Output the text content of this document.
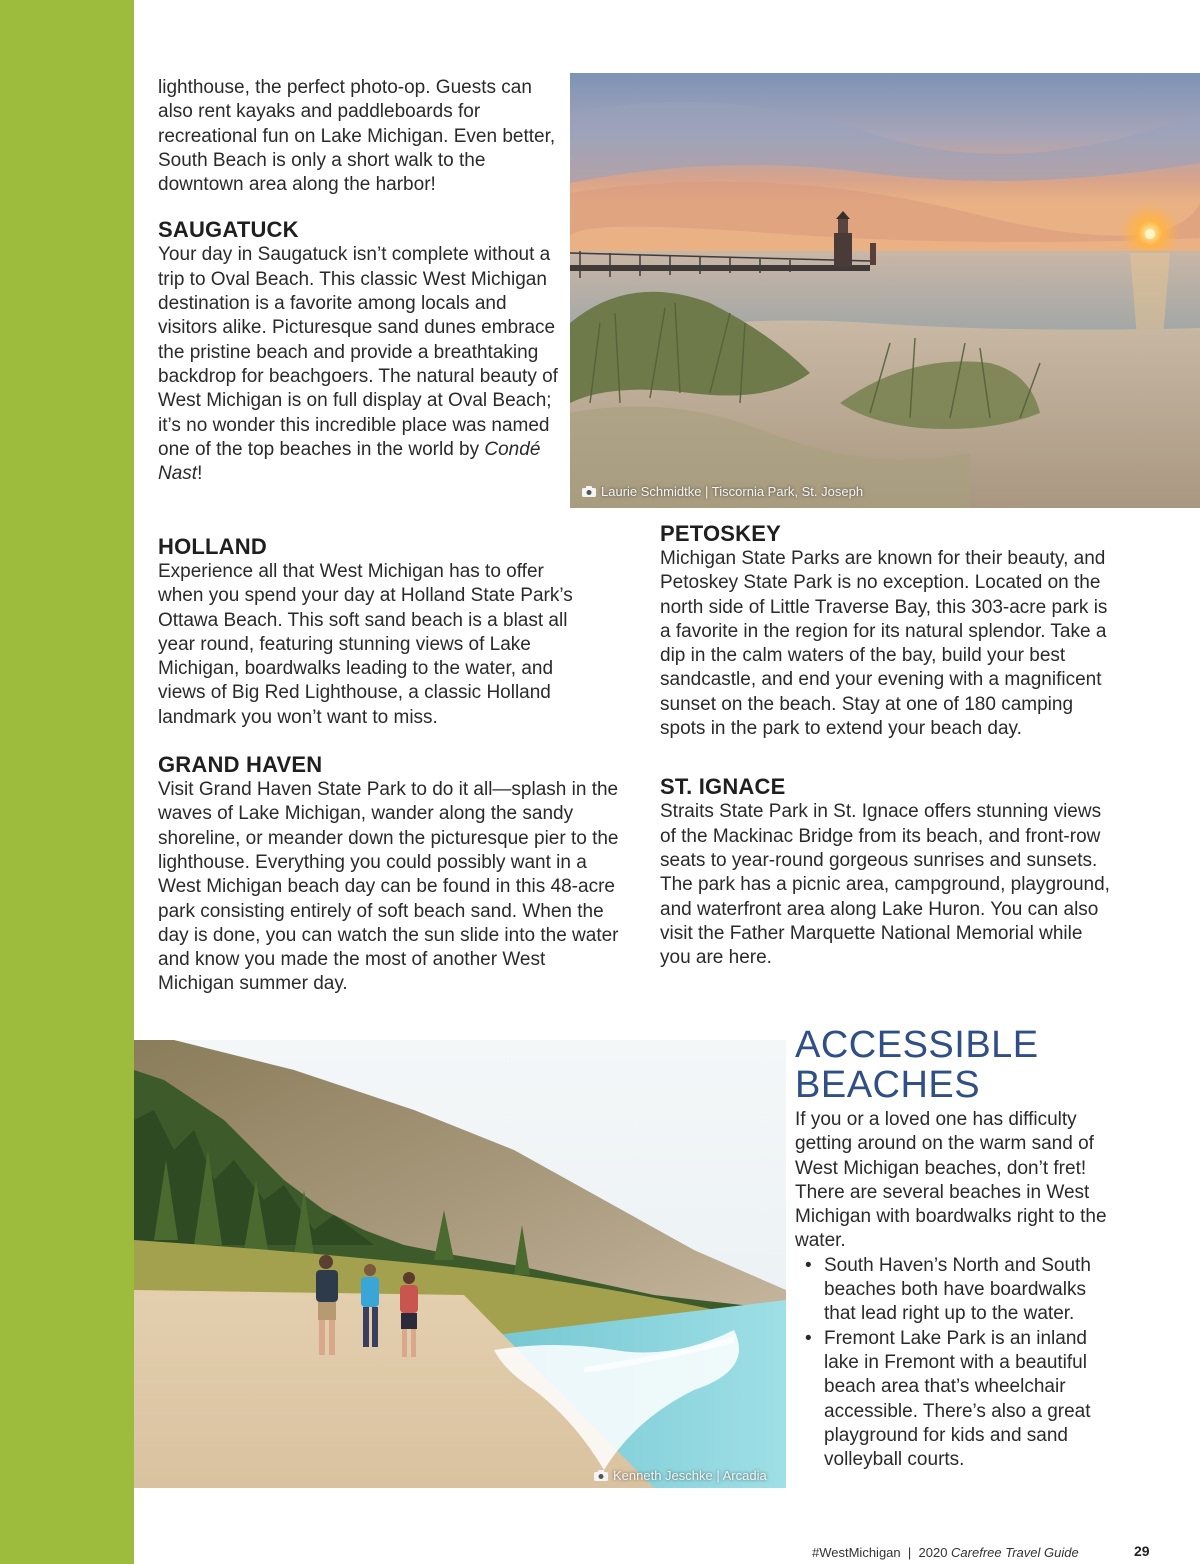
lighthouse, the perfect photo-op. Guests can also rent kayaks and paddleboards for recreational fun on Lake Michigan. Even better, South Beach is only a short walk to the downtown area along the harbor!

SAUGATUCK

Your day in Saugatuck isn’t complete without a trip to Oval Beach. This classic West Michigan destination is a favorite among locals and visitors alike. Picturesque sand dunes embrace the pristine beach and provide a breathtaking backdrop for beachgoers. The natural beauty of West Michigan is on full display at Oval Beach; it’s no wonder this incredible place was named one of the top beaches in the world by Condé Nast!

Laurie Schmidtke | Tiscornia Park, St. Joseph
HOLLAND

Experience all that West Michigan has to offer when you spend your day at Holland State Park’s Ottawa Beach. This soft sand beach is a blast all year round, featuring stunning views of Lake Michigan, boardwalks leading to the water, and views of Big Red Lighthouse, a classic Holland landmark you won’t want to miss.

GRAND HAVEN

Visit Grand Haven State Park to do it all—splash in the waves of Lake Michigan, wander along the sandy shoreline, or meander down the picturesque pier to the lighthouse. Everything you could possibly want in a West Michigan beach day can be found in this 48-acre park consisting entirely of soft beach sand. When the day is done, you can watch the sun slide into the water and know you made the most of another West Michigan summer day.

PETOSKEY

Michigan State Parks are known for their beauty, and Petoskey State Park is no exception. Located on the north side of Little Traverse Bay, this 303-acre park is a favorite in the region for its natural splendor. Take a dip in the calm waters of the bay, build your best sandcastle, and end your evening with a magnificent sunset on the beach. Stay at one of 180 camping spots in the park to extend your beach day.

ST. IGNACE

Straits State Park in St. Ignace offers stunning views of the Mackinac Bridge from its beach, and front-row seats to year-round gorgeous sunrises and sunsets. The park has a picnic area, campground, playground, and waterfront area along Lake Huron. You can also visit the Father Marquette National Memorial while you are here.

Kenneth Jeschke | Arcadia
ACCESSIBLE
BEACHES

If you or a loved one has difficulty getting around on the warm sand of West Michigan beaches, don’t fret! There are several beaches in West Michigan with boardwalks right to the water.

• South Haven’s North and South beaches both have boardwalks that lead right up to the water.
• Fremont Lake Park is an inland lake in Fremont with a beautiful beach area that’s wheelchair accessible. There’s also a great playground for kids and sand volleyball courts.
#WestMichigan | 2020 Carefree Travel Guide	29
